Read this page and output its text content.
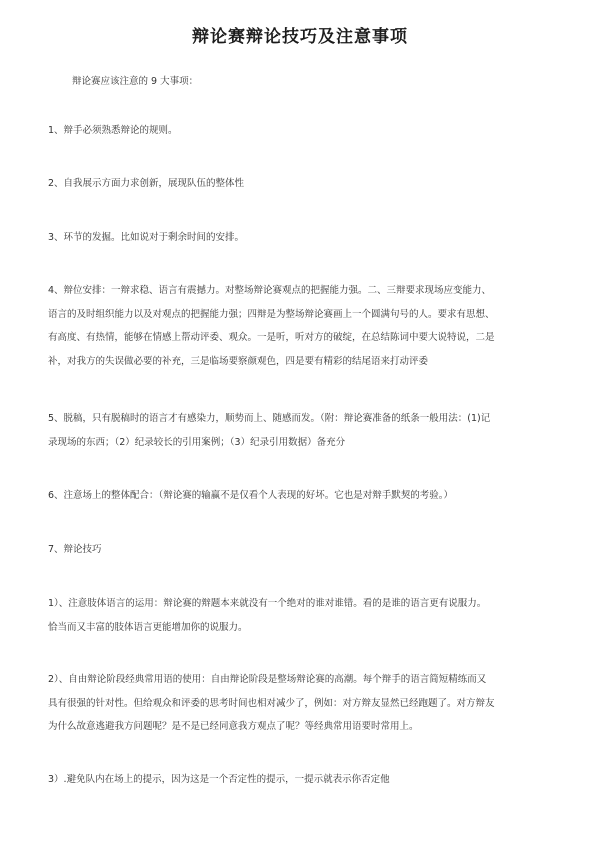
辩论赛辩论技巧及注意事项
辩论赛应该注意的 9 大事项：
1、辩手必须熟悉辩论的规则。
2、自我展示方面力求创新，展现队伍的整体性
3、环节的发掘。比如说对于剩余时间的安排。
4、辩位安排：一辩求稳、语言有震撼力。对整场辩论赛观点的把握能力强。二、三辩要求现场应变能力、
语言的及时组织能力以及对观点的把握能力强；四辩是为整场辩论赛画上一个圆满句号的人。要求有思想、
有高度、有热情，能够在情感上帮动评委、观众。一是听，听对方的破绽，在总结陈词中要大说特说，二是
补，对我方的失误做必要的补充，三是临场要察颜观色，四是要有精彩的结尾语来打动评委
5、脱稿，只有脱稿时的语言才有感染力，顺势而上、随感而发。（附：辩论赛准备的纸条一般用法：(1)记
录现场的东西；（2）纪录较长的引用案例；（3）纪录引用数据）备充分
6、注意场上的整体配合：（辩论赛的输赢不是仅看个人表现的好坏。它也是对辩手默契的考验。）
7、辩论技巧
1）、注意肢体语言的运用：辩论赛的辩题本来就没有一个绝对的谁对谁错。看的是谁的语言更有说服力。
恰当而又丰富的肢体语言更能增加你的说服力。
2）、自由辩论阶段经典常用语的使用：自由辩论阶段是整场辩论赛的高潮。每个辩手的语言简短精练而又
具有很强的针对性。但给观众和评委的思考时间也相对减少了，例如：对方辩友显然已经跑题了。对方辩友
为什么故意逃避我方问题呢？是不是已经同意我方观点了呢？等经典常用语要时常用上。
3）.避免队内在场上的提示，因为这是一个否定性的提示，一提示就表示你否定他
